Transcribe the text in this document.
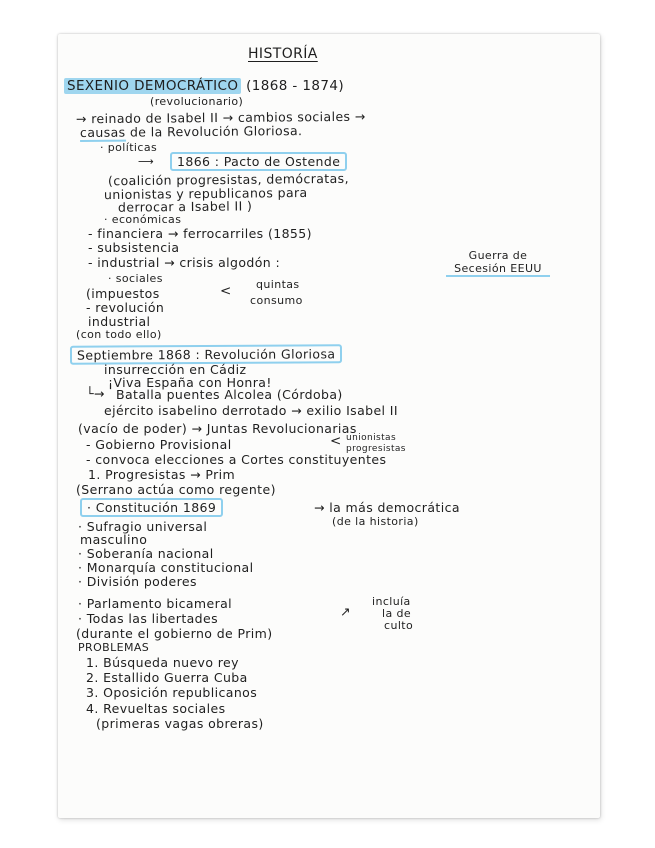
HISTORÍA
SEXENIO DEMOCRÁTICO (1868 - 1874)
(revolucionario)
→ reinado de Isabel II → cambios sociales →
causas de la Revolución Gloriosa.
· políticas
⟶	1866 : Pacto de Ostende
(coalición progresistas, demócratas,
unionistas y republicanos para
derrocar a Isabel II )
· económicas
- financiera → ferrocarriles (1855)
- subsistencia
- industrial → crisis algodón :	Guerra de Secesión EEUU
· sociales
(impuestos	< quintas
consumo
- revolución
industrial
(con todo ello)
Septiembre 1868 : Revolución Gloriosa
insurrección en Cádiz
¡Viva España con Honra!
└→ Batalla puentes Alcolea (Córdoba)
ejército isabelino derrotado → exilio Isabel II
(vacío de poder) → Juntas Revolucionarias
- Gobierno Provisional	< unionistas
progresistas
- convoca elecciones a Cortes constituyentes
1. Progresistas → Prim
(Serrano actúa como regente)
· Constitución 1869	→ la más democrática
(de la historia)
· Sufragio universal
masculino
· Soberanía nacional
· Monarquía constitucional
· División poderes
· Parlamento bicameral
· Todas las libertades	↗
incluía
la de
culto
(durante el gobierno de Prim)
PROBLEMAS
1. Búsqueda nuevo rey
2. Estallido Guerra Cuba
3. Oposición republicanos
4. Revueltas sociales
(primeras vagas obreras)
